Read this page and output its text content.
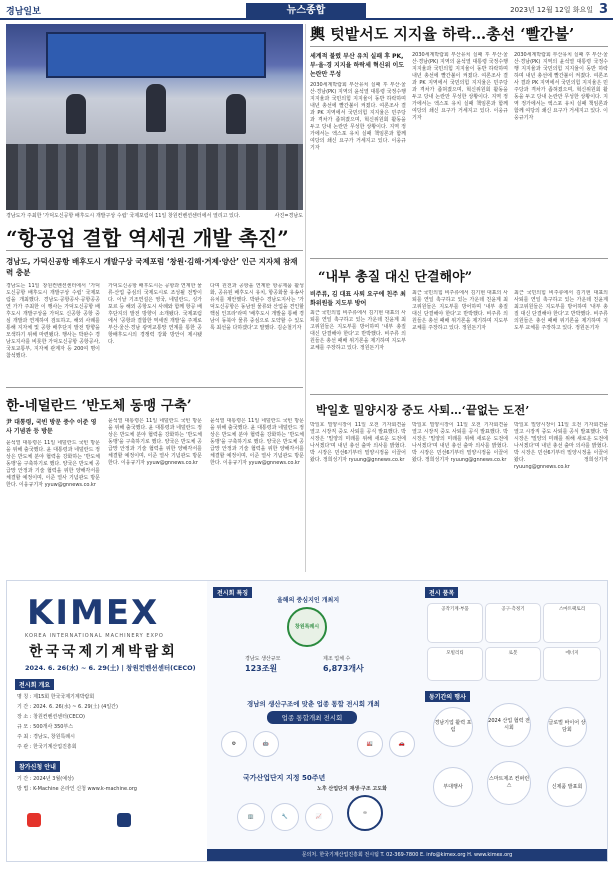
경남일보	뉴스종합	2023년 12월 12일 화요일 3
경남도가 주최한 '가덕도신공항 배후도시 개발구상 수립' 국제포럼이 11일 창원컨벤션센터에서 열리고 있다.	사진=경남도
“항공업 결합 역세권 개발 촉진”
경남도, 가덕신공항 배후도시 개발구상 국제포럼 ‘창원·김해·거제·양산’ 인근 지자체 참재력 충분
경남도는 11일 창원컨벤션센터에서 '가덕도신공항 배후도시 개발구상 수립' 국제포럼을 개최했다. 경남도·공항공사·공항공공연 가가 주최한 이 행사는 가덕도신공항 배후도시 개발구상을 가덕도 신공항 공항 중심 개발과 연계하여 검토하고, 해외 사례를 통해 지자체 및 공항 배후단지 발전 방향을 모색하기 위해 마련됐다. 행사는 박완수 경남도지사를 비롯한 가덕도신공항 공항공사, 국토교통부, 지자체 관계자 등 200여 명이 참석했다.
가덕도신공항 배후도시는 공항과 연계한 물류·산업 중심의 국제도시로 조성될 전망이다. 이날 기조연설은 영국, 네덜란드, 싱가포르 등 해외 공항도시 사례와 함께 항공 배후단지의 발전 방향이 소개됐다. 국제포럼에서 '공항과 결합한 역세권 개발'을 주제로 부산·울산·경남 광역교통망 연계를 통한 공항배후도시의 경쟁력 강화 방안이 제시됐다.
다며 원전과 공항을 연계한 항공제품 활성화, 공유된 배후도시 유치, 항공화물 유송사 유치를 제안했다. 박완수 경남도지사는 '가덕도신공항은 동남권 물류와 산업을 견인할 핵심 인프라'라며 '배후도시 개발을 통해 경남이 동북아 물류 중심으로 도약할 수 있도록 최선을 다하겠다'고 말했다. 김순철기자
輿 텃밭서도 지지율 하락…총선 ‘빨간불’
세계적 불렸 부산 유치 실패 후 PK, 부·울·경 지지율 하락세 혁신위 이도 논란만 무성
2030세계박람회 부산유치 실패 후 부산·울산·경남(PK) 지역의 윤석열 대통령 국정수행 지지율과 국민의힘 지지율이 동반 하락하며 내년 총선에 빨간불이 켜졌다. 여론조사 결과 PK 지역에서 국민의힘 지지율은 민주당과 격차가 좁혀졌으며, 혁신위원회 활동을 두고 당내 논란만 무성한 상황이다. 지역 정가에서는 엑스포 유치 실패 책임론과 함께 여당의 쇄신 요구가 거세지고 있다. 이웅규기자
2030세계박람회 부산유치 실패 후 부산·울산·경남(PK) 지역의 윤석열 대통령 국정수행 지지율과 국민의힘 지지율이 동반 하락하며 내년 총선에 빨간불이 켜졌다. 여론조사 결과 PK 지역에서 국민의힘 지지율은 민주당과 격차가 좁혀졌으며, 혁신위원회 활동을 두고 당내 논란만 무성한 상황이다. 지역 정가에서는 엑스포 유치 실패 책임론과 함께 여당의 쇄신 요구가 거세지고 있다. 이웅규기자
2030세계박람회 부산유치 실패 후 부산·울산·경남(PK) 지역의 윤석열 대통령 국정수행 지지율과 국민의힘 지지율이 동반 하락하며 내년 총선에 빨간불이 켜졌다. 여론조사 결과 PK 지역에서 국민의힘 지지율은 민주당과 격차가 좁혀졌으며, 혁신위원회 활동을 두고 당내 논란만 무성한 상황이다. 지역 정가에서는 엑스포 유치 실패 책임론과 함께 여당의 쇄신 요구가 거세지고 있다. 이웅규기자
“내부 총질 대신 단결해야”
비주류, 김 대표 사퇴 요구에 친주 최화위원들 지도부 방어
최근 국민의힘 비주류에서 김기현 대표의 사퇴를 연일 촉구하고 있는 가운데 친윤계 최고위원들은 지도부를 방어하며 '내부 총질 대신 단결해야 한다'고 반박했다. 비주류 의원들은 총선 패배 위기론을 제기하며 지도부 교체를 주장하고 있다. 정원돈기자
최근 국민의힘 비주류에서 김기현 대표의 사퇴를 연일 촉구하고 있는 가운데 친윤계 최고위원들은 지도부를 방어하며 '내부 총질 대신 단결해야 한다'고 반박했다. 비주류 의원들은 총선 패배 위기론을 제기하며 지도부 교체를 주장하고 있다. 정원돈기자
최근 국민의힘 비주류에서 김기현 대표의 사퇴를 연일 촉구하고 있는 가운데 친윤계 최고위원들은 지도부를 방어하며 '내부 총질 대신 단결해야 한다'고 반박했다. 비주류 의원들은 총선 패배 위기론을 제기하며 지도부 교체를 주장하고 있다. 정원돈기자
한-네덜란드 ‘반도체 동맹 구축’
尹 대통령, 국빈 방문 중수 이준 영사 기념관 등 방문
윤석열 대통령은 11일 네덜란드 국빈 방문을 위해 출국했다. 윤 대통령과 네덜란드 정상은 반도체 분야 협력을 강화하는 '반도체 동맹'을 구축하기로 했다. 양국은 반도체 공급망 안정과 기술 협력을 위한 양해각서를 체결할 예정이며, 이준 열사 기념관도 방문한다. 이웅규기자 yyuw@gnnews.co.kr
윤석열 대통령은 11일 네덜란드 국빈 방문을 위해 출국했다. 윤 대통령과 네덜란드 정상은 반도체 분야 협력을 강화하는 '반도체 동맹'을 구축하기로 했다. 양국은 반도체 공급망 안정과 기술 협력을 위한 양해각서를 체결할 예정이며, 이준 열사 기념관도 방문한다. 이웅규기자 yyuw@gnnews.co.kr
윤석열 대통령은 11일 네덜란드 국빈 방문을 위해 출국했다. 윤 대통령과 네덜란드 정상은 반도체 분야 협력을 강화하는 '반도체 동맹'을 구축하기로 했다. 양국은 반도체 공급망 안정과 기술 협력을 위한 양해각서를 체결할 예정이며, 이준 열사 기념관도 방문한다. 이웅규기자 yyuw@gnnews.co.kr
박일호 밀양시장 중도 사퇴…‘끝없는 도전’
박일호 밀양시장이 11일 오전 기자회견을 열고 시장직 중도 사퇴를 공식 발표했다. 박 시장은 '밀양의 미래를 위해 새로운 도전에 나서겠다'며 내년 총선 출마 의사를 밝혔다. 박 시장은 민선6기부터 밀양시정을 이끌어왔다. 정희성기자 ryuung@gnnews.co.kr
박일호 밀양시장이 11일 오전 기자회견을 열고 시장직 중도 사퇴를 공식 발표했다. 박 시장은 '밀양의 미래를 위해 새로운 도전에 나서겠다'며 내년 총선 출마 의사를 밝혔다. 박 시장은 민선6기부터 밀양시정을 이끌어왔다. 정희성기자 ryuung@gnnews.co.kr
박일호 밀양시장이 11일 오전 기자회견을 열고 시장직 중도 사퇴를 공식 발표했다. 박 시장은 '밀양의 미래를 위해 새로운 도전에 나서겠다'며 내년 총선 출마 의사를 밝혔다. 박 시장은 민선6기부터 밀양시정을 이끌어왔다. 정희성기자 ryuung@gnnews.co.kr
KIMEX
KOREA INTERNATIONAL MACHINERY EXPO
한국국제기계박람회
2024. 6. 26(水) ~ 6. 29(土) | 창원컨벤션센터(CECO)
전시회 개요
명 칭 : 제15회 한국국제기계박람회
기 간 : 2024. 6. 26(水) ~ 6. 29(土) (4일간)
장 소 : 창원컨벤션센터(CECO)
규 모 : 500개사 350부스
주 최 : 경남도, 창원특례시
주 관 : 한국기계산업진흥회
참가신청 안내
기 간 : 2024년 3월(예상)
방 법 : K-Machine 온라인 신청 www.k-machine.org
전시회 특징
올해의 중심지인 개최지
창원특례시
경남도 생산규모
123조원
제조 업체 수
6,873개사
경남의 생산구조에 맞춘 업종 통합 전시회 개최
업종 통합개최 전시회
⚙	🤖	🏭	🚗
국가산업단지 지정 50주년
노후 산업단지 재생·구조 고도화
🏢	🔧	📈
∞
전시 품목
공작기계·부품	공구·측정기	스마트팩토리
모빌리티	로봇	에너지
동기간의 행사
경남기업 활력 포럼
2024 산업 협력 전시회
글로벌 바이어 상담회
부대행사
스마트제조 컨퍼런스	신제품 발표회
문의처. 한국기계산업진흥회 전시팀 T. 02-369-7800 E. info@kimex.org H. www.kimex.org
